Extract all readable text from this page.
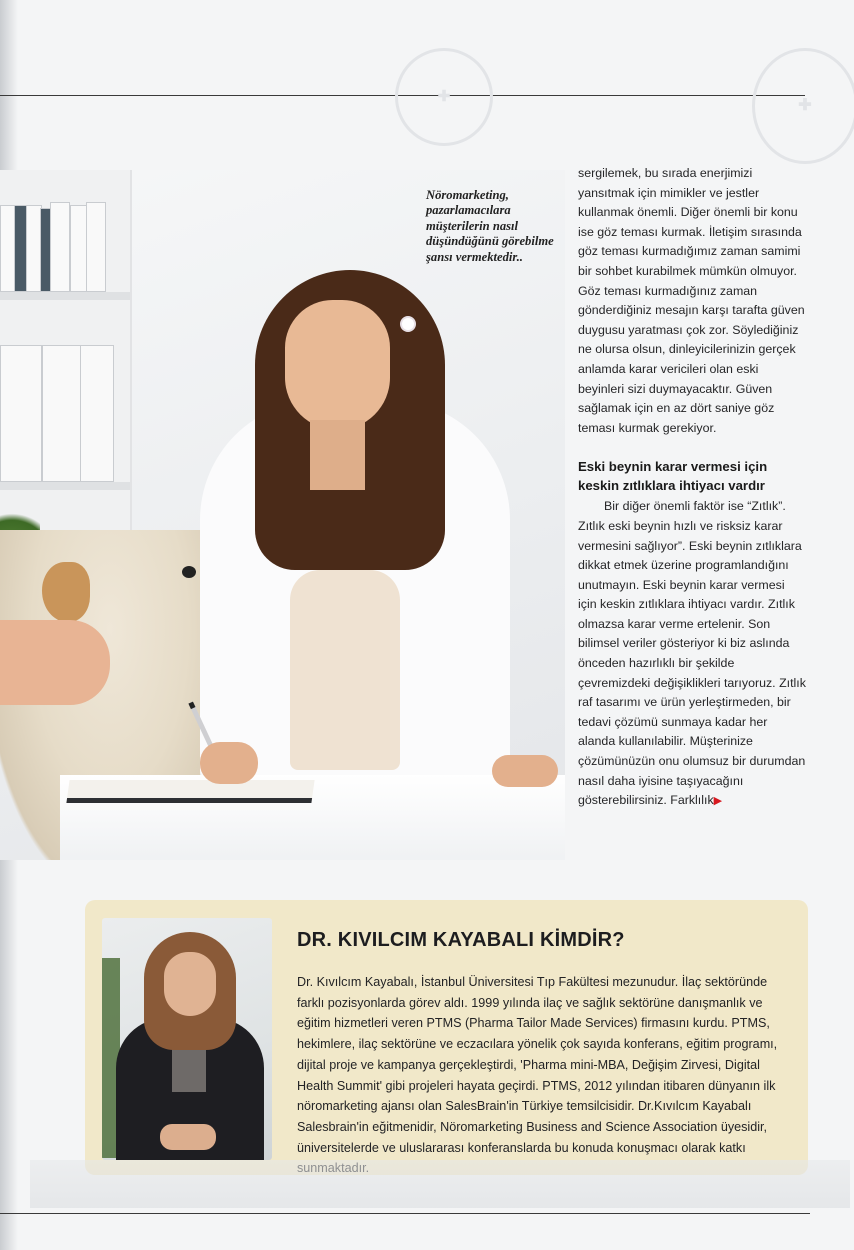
✚
✚

Nöromarketing, pazarlamacılara müşterilerin nasıl düşündüğünü görebilme şansı vermektedir..

sergilemek, bu sırada enerjimizi yansıtmak için mimikler ve jestler kullanmak önemli. Diğer önemli bir konu ise göz teması kurmak. İletişim sırasında göz teması kurmadığımız zaman samimi bir sohbet kurabilmek mümkün olmuyor. Göz teması kurmadığınız zaman gönderdiğiniz mesajın karşı tarafta güven duygusu yaratması çok zor. Söylediğiniz ne olursa olsun, dinleyicilerinizin gerçek anlamda karar vericileri olan eski beyinleri sizi duymayacaktır. Güven sağlamak için en az dört saniye göz teması kurmak gerekiyor.

Eski beynin karar vermesi için keskin zıtlıklara ihtiyacı vardır

Bir diğer önemli faktör ise “Zıtlık”. Zıtlık eski beynin hızlı ve risksiz karar vermesini sağlıyor”. Eski beynin zıtlıklara dikkat etmek üzerine programlandığını unutmayın. Eski beynin karar vermesi için keskin zıtlıklara ihtiyacı vardır. Zıtlık olmazsa karar verme ertelenir. Son bilimsel veriler gösteriyor ki biz aslında önceden hazırlıklı bir şekilde çevremizdeki değişiklikleri tarıyoruz. Zıtlık raf tasarımı ve ürün yerleştirmeden, bir tedavi çözümü sunmaya kadar her alanda kullanılabilir. Müşterinize çözümünüzün onu olumsuz bir durumdan nasıl daha iyisine taşıyacağını gösterebilirsiniz. Farklılık▶

DR. KIVILCIM KAYABALI KİMDİR?

Dr. Kıvılcım Kayabalı, İstanbul Üniversitesi Tıp Fakültesi mezunudur. İlaç sektöründe farklı pozisyonlarda görev aldı. 1999 yılında ilaç ve sağlık sektörüne danışmanlık ve eğitim hizmetleri veren PTMS (Pharma Tailor Made Services) firmasını kurdu. PTMS, hekimlere, ilaç sektörüne ve eczacılara yönelik çok sayıda konferans, eğitim programı, dijital proje ve kampanya gerçekleştirdi, 'Pharma mini-MBA, Değişim Zirvesi, Digital Health Summit' gibi projeleri hayata geçirdi. PTMS, 2012 yılından itibaren dünyanın ilk nöromarketing ajansı olan SalesBrain'in Türkiye temsilcisidir. Dr.Kıvılcım Kayabalı Salesbrain'in eğitmenidir, Nöromarketing Business and Science Association üyesidir, üniversitelerde ve uluslararası konferanslarda bu konuda konuşmacı olarak katkı
